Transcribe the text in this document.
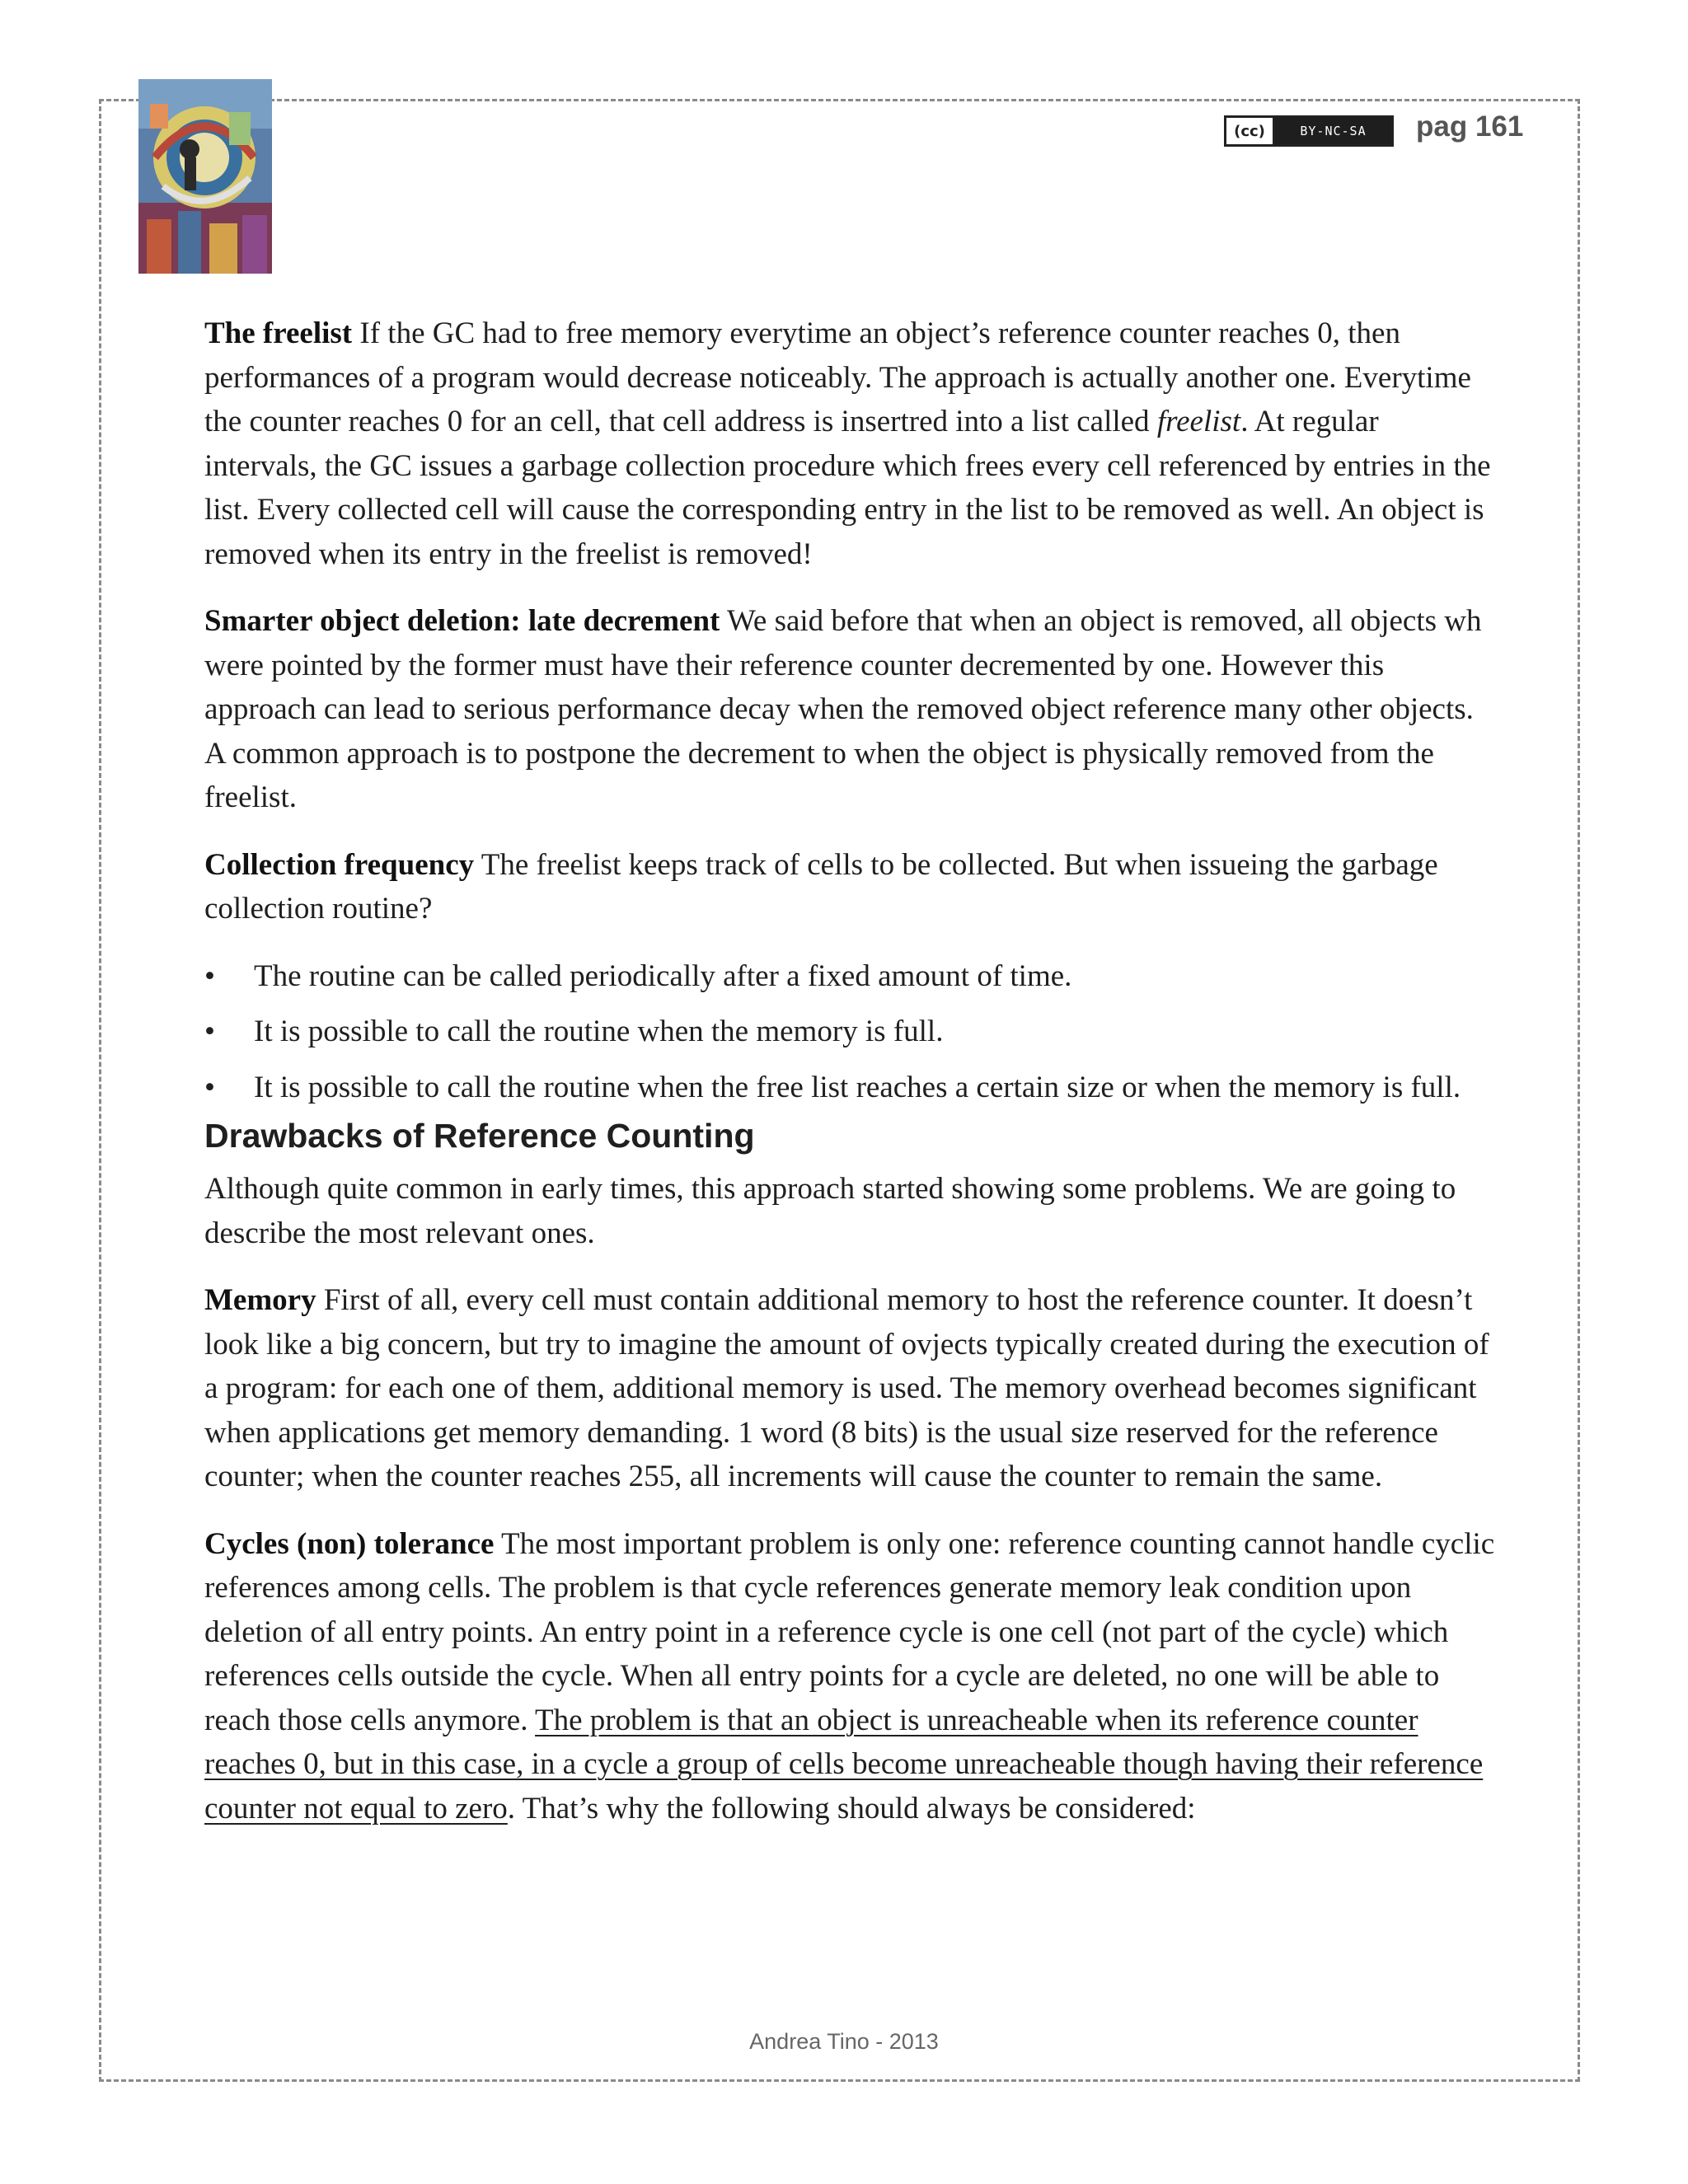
(cc)	BY-NC-SA	pag 161

The freelist If the GC had to free memory everytime an object’s reference counter reaches 0, then performances of a program would decrease noticeably. The approach is actually another one. Everytime the counter reaches 0 for an cell, that cell address is insertred into a list called freelist. At regular intervals, the GC issues a garbage collection procedure which frees every cell referenced by entries in the list. Every collected cell will cause the corresponding entry in the list to be removed as well. An object is removed when its entry in the freelist is removed!

Smarter object deletion: late decrement We said before that when an object is removed, all objects wh were pointed by the former must have their reference counter decremented by one. However this approach can lead to serious performance decay when the removed object reference many other objects. A common approach is to postpone the decrement to when the object is physically removed from the freelist.

Collection frequency The freelist keeps track of cells to be collected. But when issueing the garbage collection routine?

• The routine can be called periodically after a fixed amount of time.
• It is possible to call the routine when the memory is full.
• It is possible to call the routine when the free list reaches a certain size or when the memory is full.
Drawbacks of Reference Counting

Although quite common in early times, this approach started showing some problems. We are going to describe the most relevant ones.

Memory First of all, every cell must contain additional memory to host the reference counter. It doesn’t look like a big concern, but try to imagine the amount of ovjects typically created during the execution of a program: for each one of them, additional memory is used. The memory overhead becomes significant when applications get memory demanding. 1 word (8 bits) is the usual size reserved for the reference counter; when the counter reaches 255, all increments will cause the counter to remain the same.

Cycles (non) tolerance The most important problem is only one: reference counting cannot handle cyclic references among cells. The problem is that cycle references generate memory leak condition upon deletion of all entry points. An entry point in a reference cycle is one cell (not part of the cycle) which references cells outside the cycle. When all entry points for a cycle are deleted, no one will be able to reach those cells anymore. The problem is that an object is unreacheable when its reference counter reaches 0, but in this case, in a cycle a group of cells become unreacheable though having their reference counter not equal to zero. That’s why the following should always be considered:

Andrea Tino - 2013
